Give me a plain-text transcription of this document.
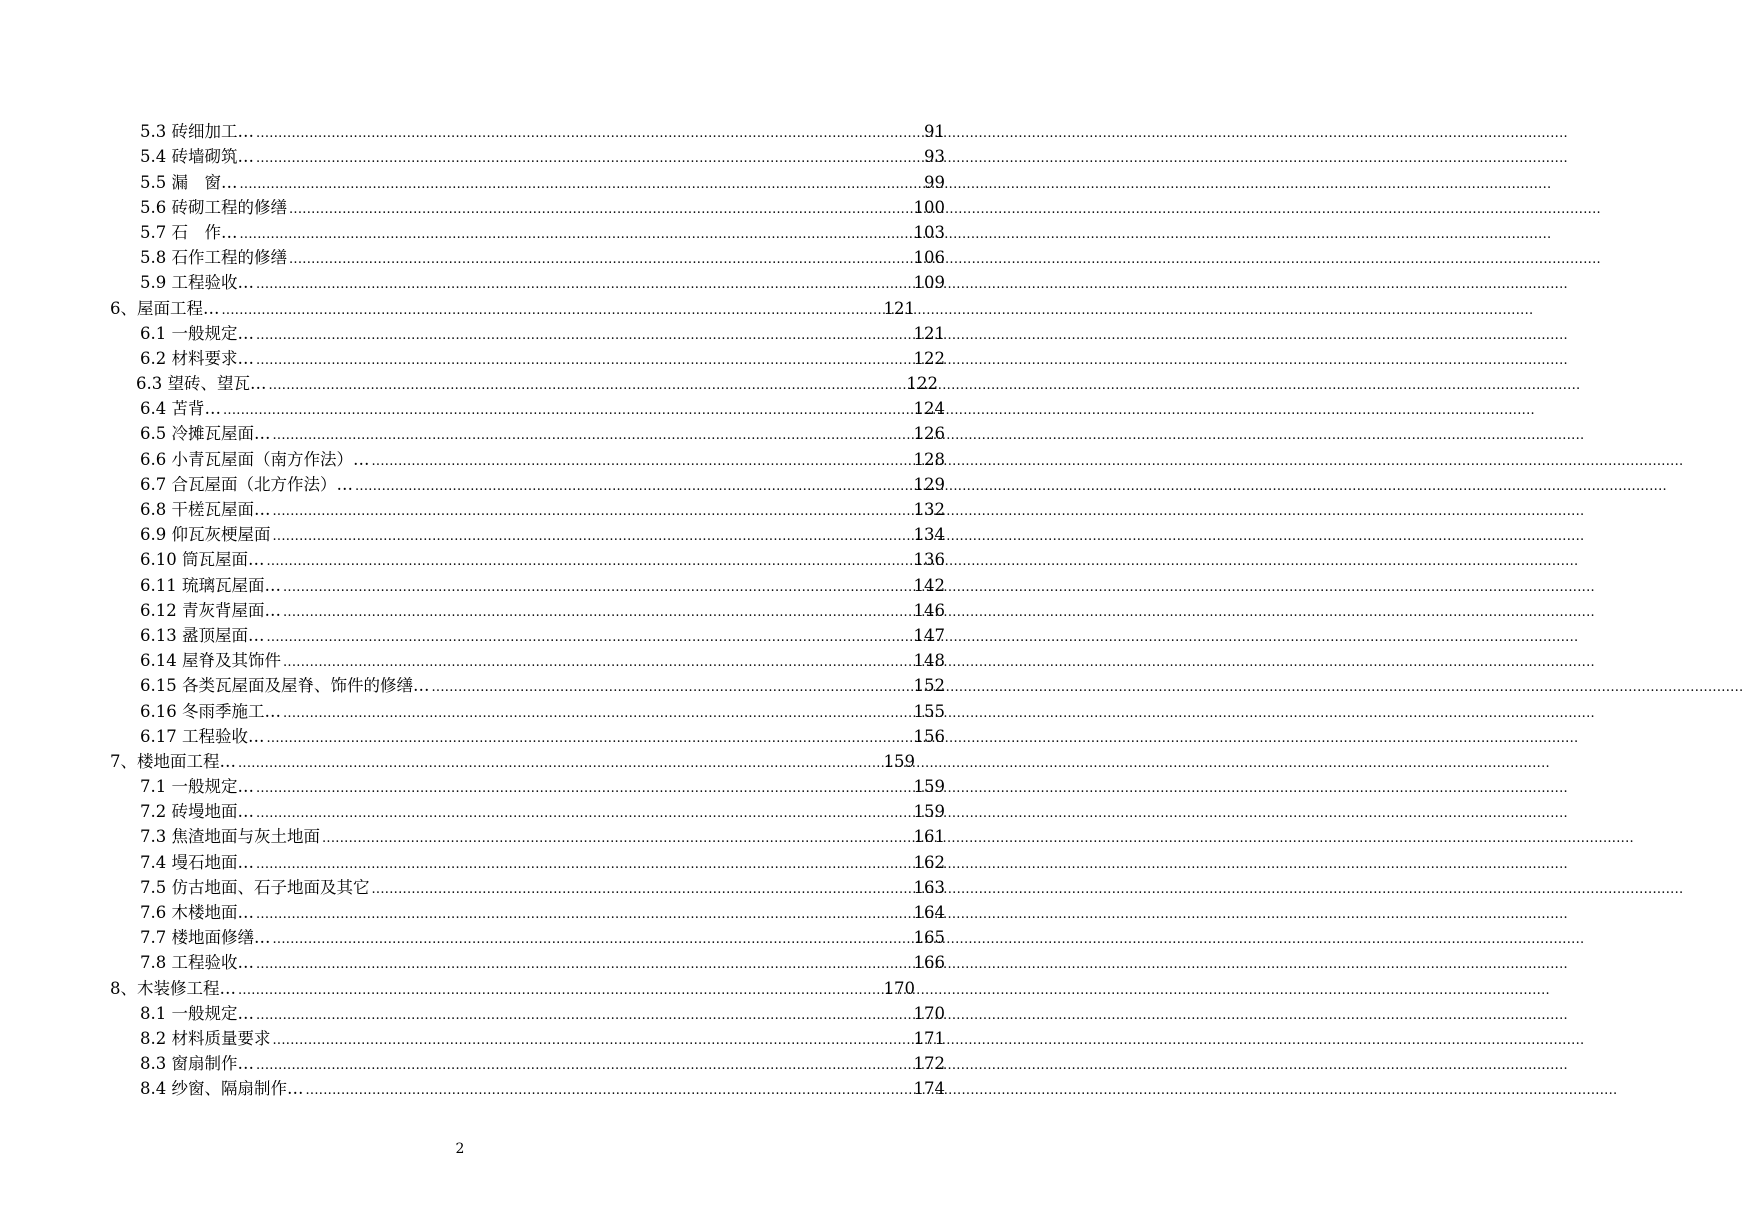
5.3 砖细加工… .....	91
5.4 砖墙砌筑… .....	93
5.5 漏　窗… .....	99
5.6 砖砌工程的修缮 .....	100
5.7 石　作… .....	103
5.8 石作工程的修缮 .....	106
5.9 工程验收… .....	109
6、屋面工程… .....	121
6.1 一般规定… .....	121
6.2 材料要求… .....	122
6.3 望砖、望瓦… .....	122
6.4 苫背… .....	124
6.5 冷摊瓦屋面… .....	126
6.6 小青瓦屋面（南方作法）… .....	128
6.7 合瓦屋面（北方作法）… .....	129
6.8 干槎瓦屋面… .....	132
6.9 仰瓦灰梗屋面 .....	134
6.10 筒瓦屋面… .....	136
6.11 琉璃瓦屋面… .....	142
6.12 青灰背屋面… .....	146
6.13 盝顶屋面… .....	147
6.14 屋脊及其饰件 .....	148
6.15 各类瓦屋面及屋脊、饰件的修缮… .....	152
6.16 冬雨季施工… .....	155
6.17 工程验收… .....	156
7、楼地面工程… .....	159
7.1 一般规定… .....	159
7.2 砖墁地面… .....	159
7.3 焦渣地面与灰土地面 .....	161
7.4 墁石地面… .....	162
7.5 仿古地面、石子地面及其它 .....	163
7.6 木楼地面… .....	164
7.7 楼地面修缮… .....	165
7.8 工程验收… .....	166
8、木装修工程… .....	170
8.1 一般规定… .....	170
8.2 材料质量要求 .....	171
8.3 窗扇制作… .....	172
8.4 纱窗、隔扇制作… .....	174
2
